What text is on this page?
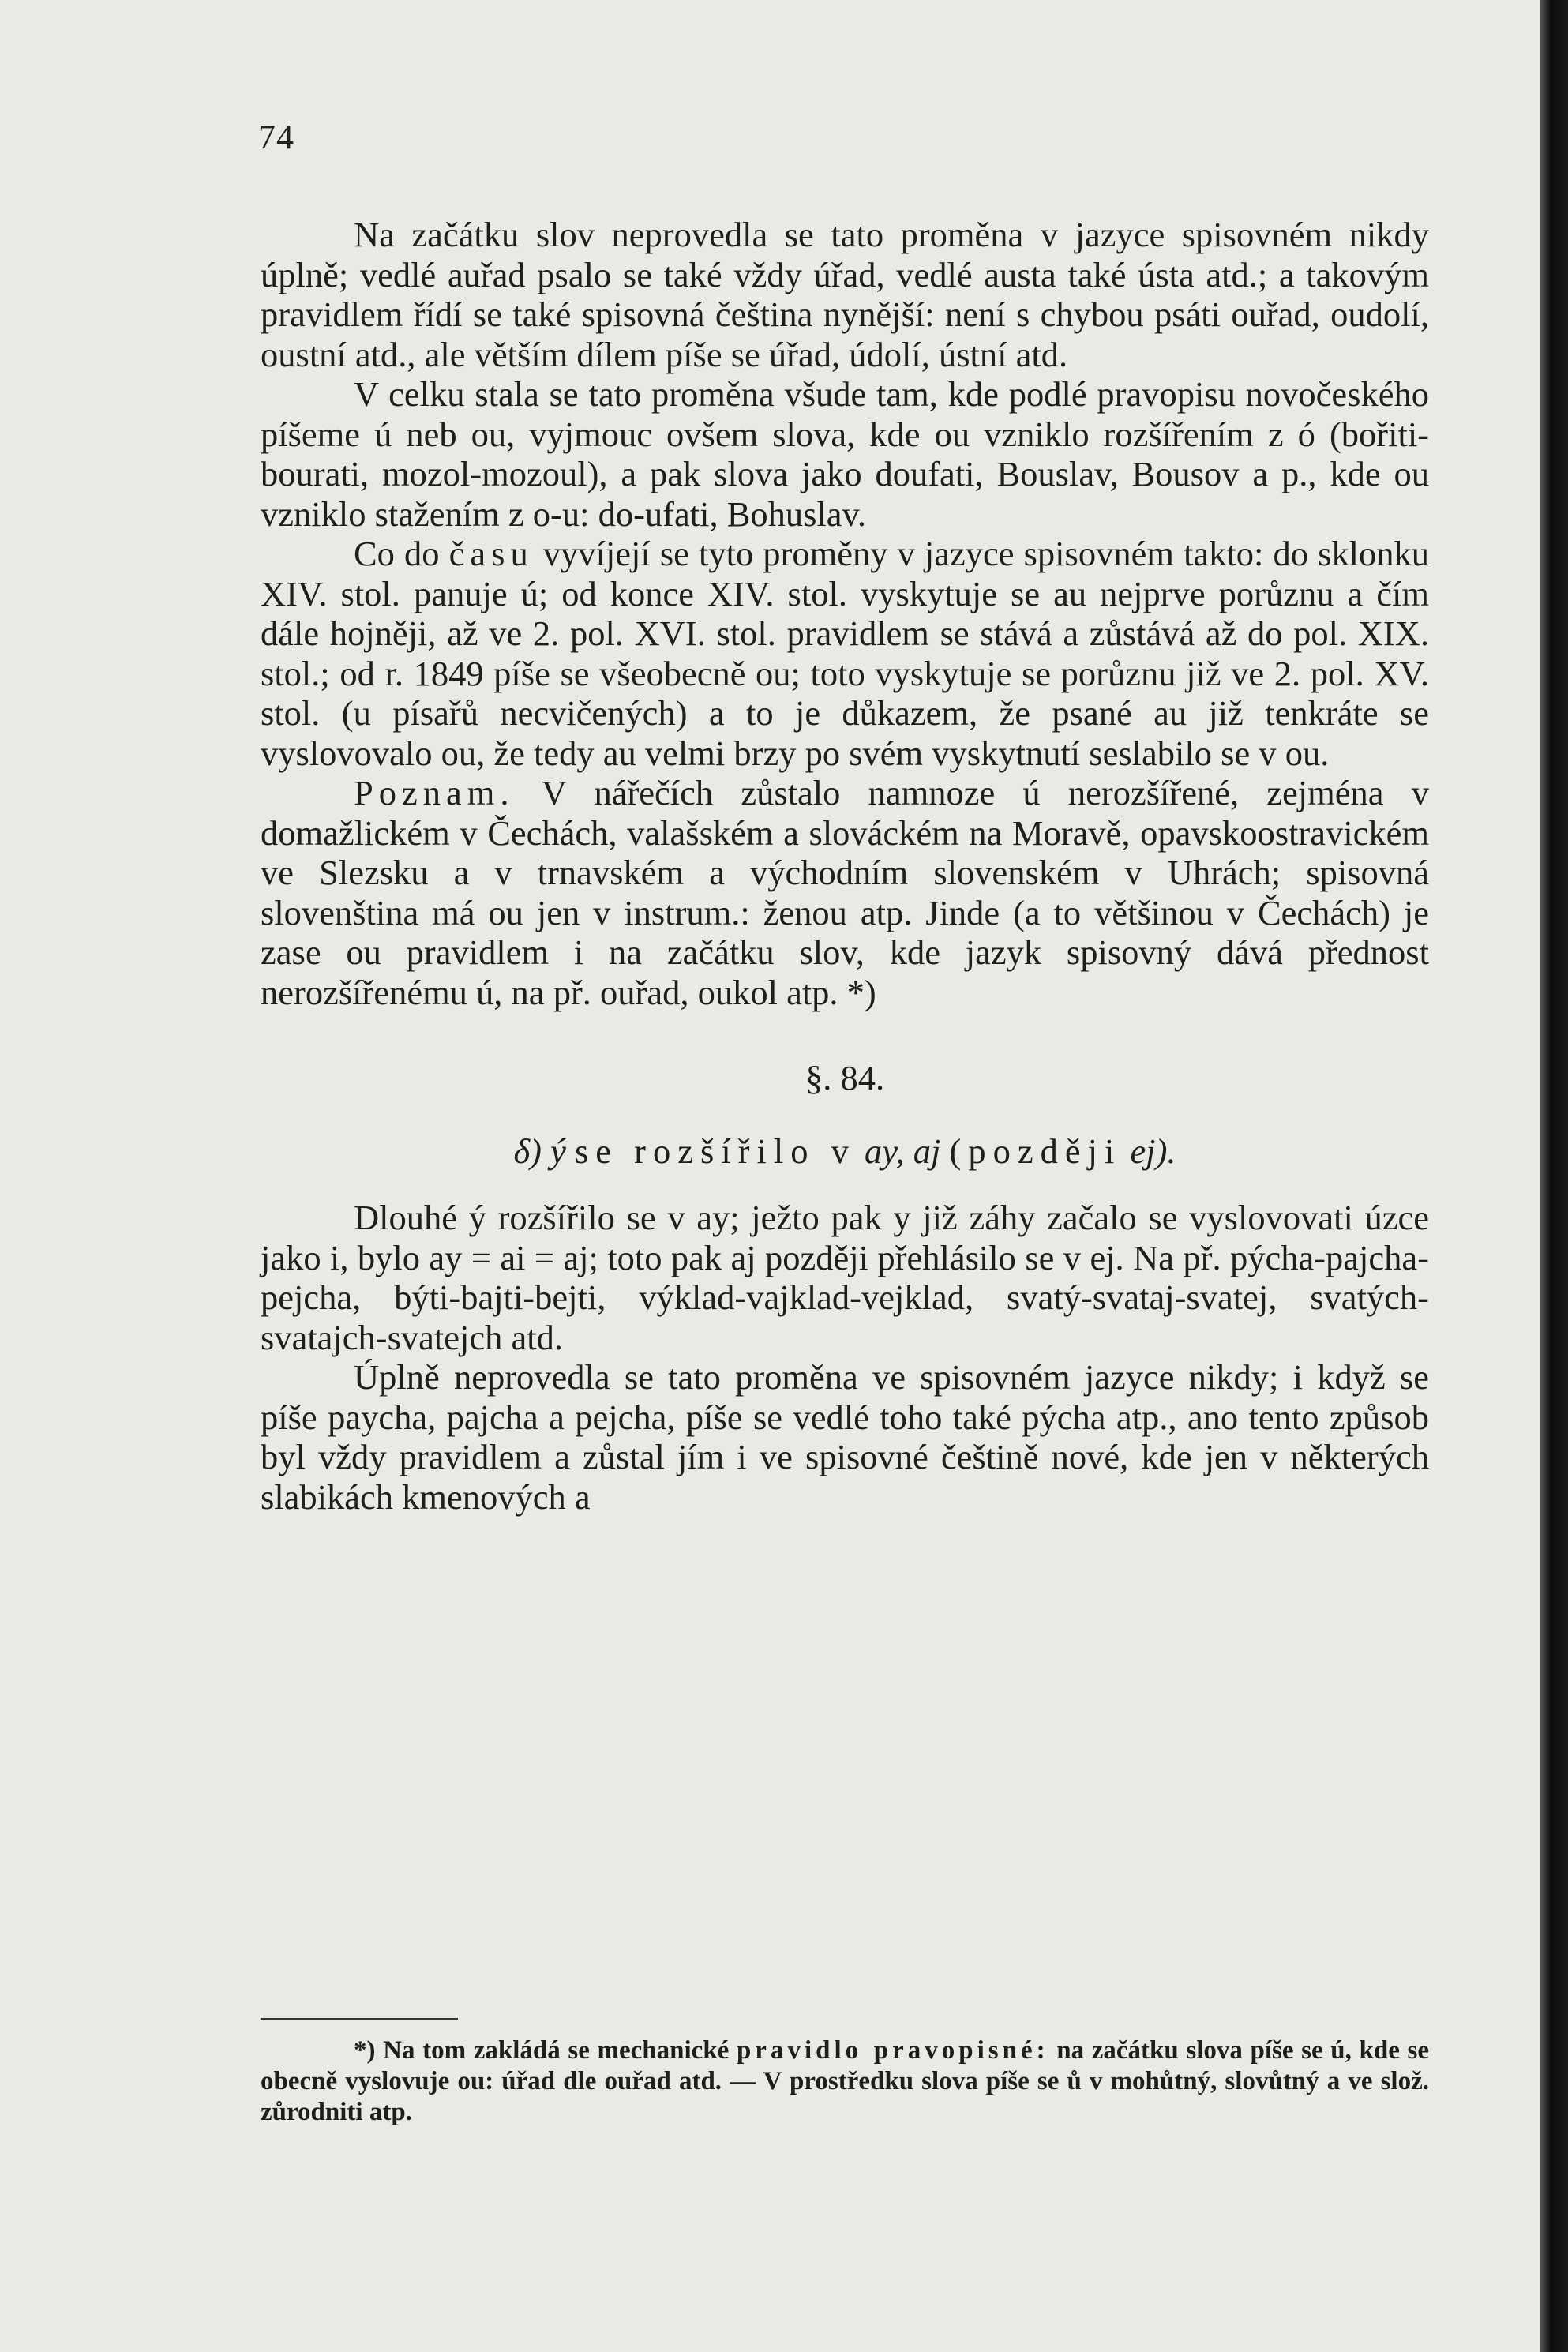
74

Na začátku slov neprovedla se tato proměna v jazyce spisovném nikdy úplně; vedlé auřad psalo se také vždy úřad, vedlé austa také ústa atd.; a takovým pravidlem řídí se také spisovná čeština nynější: není s chybou psáti ouřad, oudolí, oustní atd., ale větším dílem píše se úřad, údolí, ústní atd.

V celku stala se tato proměna všude tam, kde podlé pravopisu novočeského píšeme ú neb ou, vyjmouc ovšem slova, kde ou vzniklo rozšířením z ó (bořiti-bourati, mozol-mozoul), a pak slova jako doufati, Bouslav, Bousov a p., kde ou vzniklo stažením z o-u: do-ufati, Bohuslav.

Co do času vyvíjejí se tyto proměny v jazyce spisovném takto: do sklonku XIV. stol. panuje ú; od konce XIV. stol. vyskytuje se au nejprve porůznu a čím dále hojněji, až ve 2. pol. XVI. stol. pravidlem se stává a zůstává až do pol. XIX. stol.; od r. 1849 píše se všeobecně ou; toto vyskytuje se porůznu již ve 2. pol. XV. stol. (u písařů necvičených) a to je důkazem, že psané au již tenkráte se vyslovovalo ou, že tedy au velmi brzy po svém vyskytnutí seslabilo se v ou.

Poznam. V nářečích zůstalo namnoze ú nerozšířené, zejména v domažlickém v Čechách, valašském a slováckém na Moravě, opavskoostravickém ve Slezsku a v trnavském a východním slovenském v Uhrách; spisovná slovenština má ou jen v instrum.: ženou atp. Jinde (a to většinou v Čechách) je zase ou pravidlem i na začátku slov, kde jazyk spisovný dává přednost nerozšířenému ú, na př. ouřad, oukol atp. *)

§. 84.

δ) ý se rozšířilo v ay, aj (později ej).

Dlouhé ý rozšířilo se v ay; ježto pak y již záhy začalo se vyslovovati úzce jako i, bylo ay = ai = aj; toto pak aj později přehlásilo se v ej. Na př. pýcha-pajcha-pejcha, býti-bajti-bejti, výklad-vajklad-vejklad, svatý-svataj-svatej, svatých-svatajch-svatejch atd.

Úplně neprovedla se tato proměna ve spisovném jazyce nikdy; i když se píše paycha, pajcha a pejcha, píše se vedlé toho také pýcha atp., ano tento způsob byl vždy pravidlem a zůstal jím i ve spisovné češtině nové, kde jen v některých slabikách kmenových a

*) Na tom zakládá se mechanické pravidlo pravopisné: na začátku slova píše se ú, kde se obecně vyslovuje ou: úřad dle ouřad atd. — V prostředku slova píše se ů v mohůtný, slovůtný a ve slož. zůrodniti atp.
